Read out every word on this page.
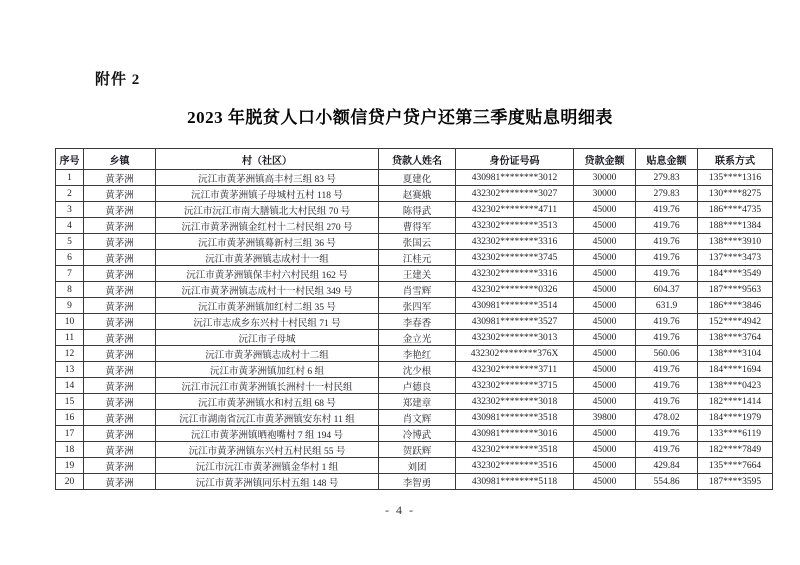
附件 2
2023 年脱贫人口小额信贷户贷户还第三季度贴息明细表
序号	乡镇	村（社区）	贷款人姓名	身份证号码	贷款金额	贴息金额	联系方式
1	黄茅洲	沅江市黄茅洲镇高丰村三组 83 号	夏建化	430981********3012	30000	279.83	135****1316
2	黄茅洲	沅江市黄茅洲镇子母城村五村 118 号	赵赛娥	432302********3027	30000	279.83	130****8275
3	黄茅洲	沅江市沅江市南大膳镇北大村民组 70 号	陈得武	432302********4711	45000	419.76	186****4735
4	黄茅洲	沅江市黄茅洲镇金红村十二村民组 270 号	曹得军	432302********3513	45000	419.76	188****1384
5	黄茅洲	沅江市黄茅洲镇蓦新村三组 36 号	张国云	432302********3316	45000	419.76	138****3910
6	黄茅洲	沅江市黄茅洲镇志成村十一组	江桂元	432302********3745	45000	419.76	137****3473
7	黄茅洲	沅江市黄茅洲镇保丰村六村民组 162 号	王建关	432302********3316	45000	419.76	184****3549
8	黄茅洲	沅江市黄茅洲镇志成村十一村民组 349 号	肖雪辉	432302********0326	45000	604.37	187****9563
9	黄茅洲	沅江市黄茅洲镇加红村二组 35 号	张四军	430981********3514	45000	631.9	186****3846
10	黄茅洲	沅江市志成乡东兴村十村民组 71 号	李春香	430981********3527	45000	419.76	152****4942
11	黄茅洲	沅江市子母城	金立光	432302********3013	45000	419.76	138****3764
12	黄茅洲	沅江市黄茅洲镇志成村十二组	李艳红	432302********376X	45000	560.06	138****3104
13	黄茅洲	沅江市黄茅洲镇加红村 6 组	沈少根	432302********3711	45000	419.76	184****1694
14	黄茅洲	沅江市沅江市黄茅洲镇长洲村十一村民组	卢德良	432302********3715	45000	419.76	138****0423
15	黄茅洲	沅江市黄茅洲镇水和村五组 68 号	郑建章	432302********3018	45000	419.76	182****1414
16	黄茅洲	沅江市湖南省沅江市黄茅洲镇安东村 11 组	肖文辉	430981********3518	39800	478.02	184****1979
17	黄茅洲	沅江市黄茅洲镇晒袍嘴村 7 组 194 号	冷博武	430981********3016	45000	419.76	133****6119
18	黄茅洲	沅江市黄茅洲镇东兴村五村民组 55 号	贺跃辉	432302********3518	45000	419.76	182****7849
19	黄茅洲	沅江市沅江市黄茅洲镇金华村 1 组	刘团	432302********3516	45000	429.84	135****7664
20	黄茅洲	沅江市黄茅洲镇同乐村五组 148 号	李智勇	430981********5118	45000	554.86	187****3595
- 4 -
